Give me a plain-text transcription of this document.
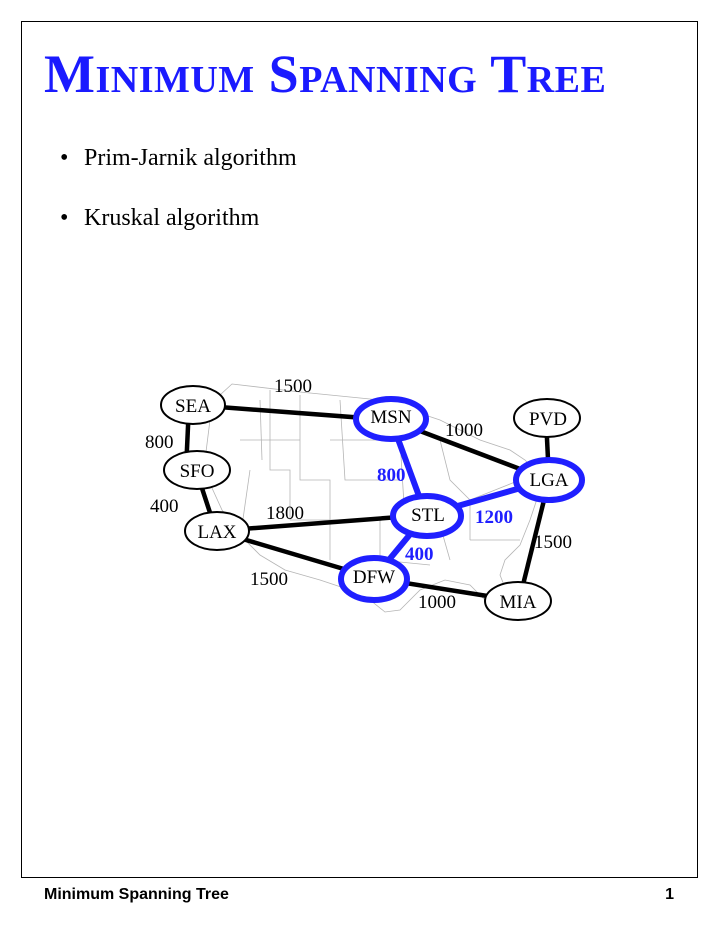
Minimum Spanning Tree
• Prim-Jarnik algorithm
• Kruskal algorithm
1500
800
400	1800
1500
1000
1500
1000
800
1200
400
SEA
MSN	PVD
SFO	LGA
STL
LAX
DFW
MIA
Minimum Spanning Tree	1
